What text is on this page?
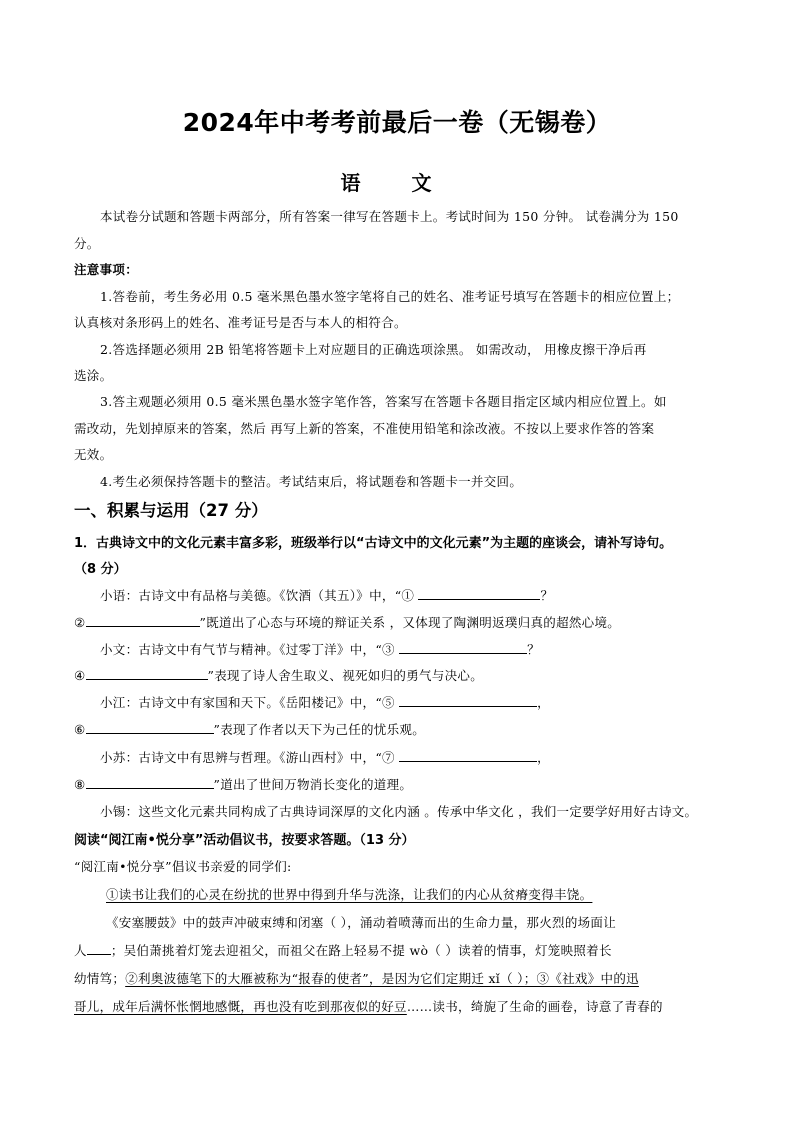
2024年中考考前最后一卷（无锡卷）
语 文
本试卷分试题和答题卡两部分，所有答案一律写在答题卡上。考试时间为 150 分钟。 试卷满分为 150
分。
注意事项：
1.答卷前，考生务必用 0.5 毫米黑色墨水签字笔将自己的姓名、准考证号填写在答题卡的相应位置上；
认真核对条形码上的姓名、准考证号是否与本人的相符合。
2.答选择题必须用 2B 铅笔将答题卡上对应题目的正确选项涂黑。 如需改动， 用橡皮擦干净后再
选涂。
3.答主观题必须用 0.5 毫米黑色墨水签字笔作答，答案写在答题卡各题目指定区域内相应位置上。如
需改动，先划掉原来的答案，然后 再写上新的答案，不准使用铅笔和涂改液。不按以上要求作答的答案
无效。
4.考生必须保持答题卡的整洁。考试结束后，将试题卷和答题卡一并交回。
一、积累与运用（27 分）
1．古典诗文中的文化元素丰富多彩，班级举行以“古诗文中的文化元素”为主题的座谈会，请补写诗句。
（8 分）
小语：古诗文中有品格与美德。《饮酒（其五）》中，“①	？
②	”既道出了心态与环境的辩证关系 ，又体现了陶渊明返璞归真的超然心境。
小文：古诗文中有气节与精神。《过零丁洋》中，“③	？
④	”表现了诗人舍生取义、视死如归的勇气与决心。
小江：古诗文中有家国和天下。《岳阳楼记》中，“⑤	，
⑥	”表现了作者以天下为己任的忧乐观。
小苏：古诗文中有思辨与哲理。《游山西村》中，“⑦	，
⑧	”道出了世间万物消长变化的道理。
小锡：这些文化元素共同构成了古典诗词深厚的文化内涵 。传承中华文化 ，我们一定要学好用好古诗文。
阅读“阅江南•悦分享”活动倡议书，按要求答题。（13 分）
“阅江南•悦分享”倡议书亲爱的同学们:
①读书让我们的心灵在纷扰的世界中得到升华与洗涤，让我们的内心从贫瘠变得丰饶。
《安塞腰鼓》中的鼓声冲破束缚和闭塞（ ），涌动着喷薄而出的生命力量，那火烈的场面让
人 ；吴伯萧挑着灯笼去迎祖父，而祖父在路上轻易不提 wò（ ）读着的情事，灯笼映照着长
幼情笃；②利奥波德笔下的大雁被称为“报春的使者”，是因为它们定期迁 xǐ（ ）；③《社戏》中的迅
哥儿，成年后满怀怅惘地感慨，再也没有吃到那夜似的好豆……读书，绮旎了生命的画卷，诗意了青春的
